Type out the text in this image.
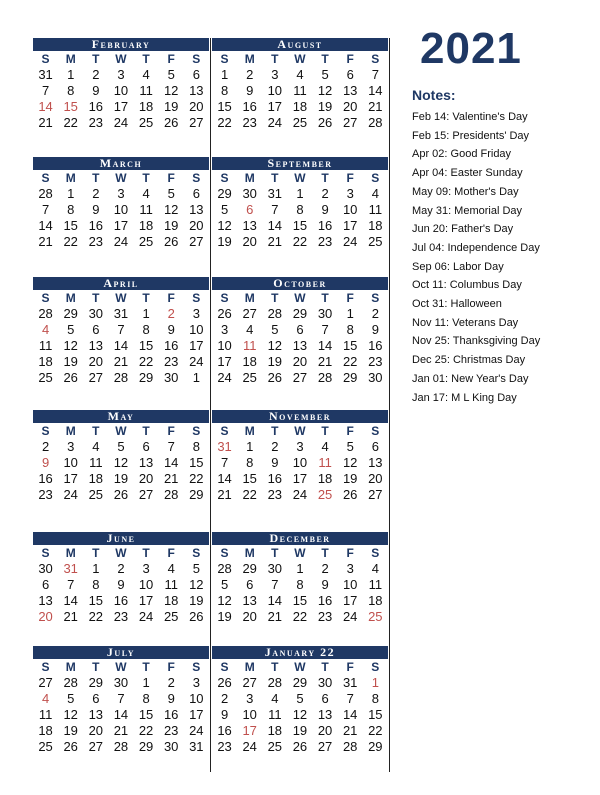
February
S	M	T	W	T	F	S
31	1	2	3	4	5	6
7	8	9	10 11 12 13
14 15 16 17 18 19 20
21 22 23 24 25 26 27
March
S	M	T	W	T	F	S
28	1	2	3	4	5	6
7	8	9	10 11 12 13
14 15 16 17 18 19 20
21 22 23 24 25 26 27
April
S	M	T	W	T	F	S
28 29 30 31	1	2	3
4	5	6	7	8	9	10
11 12 13 14 15 16 17
18 19 20 21 22 23 24
25 26 27 28 29 30	1
May
S	M	T	W	T	F	S
2	3	4	5	6	7	8
9	10 11 12 13 14 15
16 17 18 19 20 21 22
23 24 25 26 27 28 29
June
S	M	T	W	T	F	S
30 31	1	2	3	4	5
6	7	8	9	10 11 12
13 14 15 16 17 18 19
20 21 22 23 24 25 26
July
S	M	T	W	T	F	S
27 28 29 30	1	2	3
4	5	6	7	8	9	10
11 12 13 14 15 16 17
18 19 20 21 22 23 24
25 26 27 28 29 30 31
August
S	M	T	W	T	F	S
1	2	3	4	5	6	7
8	9	10 11 12 13 14
15 16 17 18 19 20 21
22 23 24 25 26 27 28
September
S	M	T	W	T	F	S
29 30 31	1	2	3	4
5	6	7	8	9	10 11
12 13 14 15 16 17 18
19 20 21 22 23 24 25
October
S	M	T	W	T	F	S
26 27 28 29 30	1	2
3	4	5	6	7	8	9
10 11 12 13 14 15 16
17 18 19 20 21 22 23
24 25 26 27 28 29 30
November
S	M	T	W	T	F	S
31	1	2	3	4	5	6
7	8	9	10 11 12 13
14 15 16 17 18 19 20
21 22 23 24 25 26 27
December
S	M	T	W	T	F	S
28 29 30	1	2	3	4
5	6	7	8	9	10 11
12 13 14 15 16 17 18
19 20 21 22 23 24 25
January 22
S	M	T	W	T	F	S
26 27 28 29 30 31	1
2	3	4	5	6	7	8
9	10 11 12 13 14 15
16 17 18 19 20 21 22
23 24 25 26 27 28 29
2021
Notes:
Feb 14: Valentine's Day
Feb 15: Presidents' Day
Apr 02: Good Friday
Apr 04: Easter Sunday
May 09: Mother's Day
May 31: Memorial Day
Jun 20: Father's Day
Jul 04: Independence Day
Sep 06: Labor Day
Oct 11: Columbus Day
Oct 31: Halloween
Nov 11: Veterans Day
Nov 25: Thanksgiving Day
Dec 25: Christmas Day
Jan 01: New Year's Day
Jan 17: M L King Day
